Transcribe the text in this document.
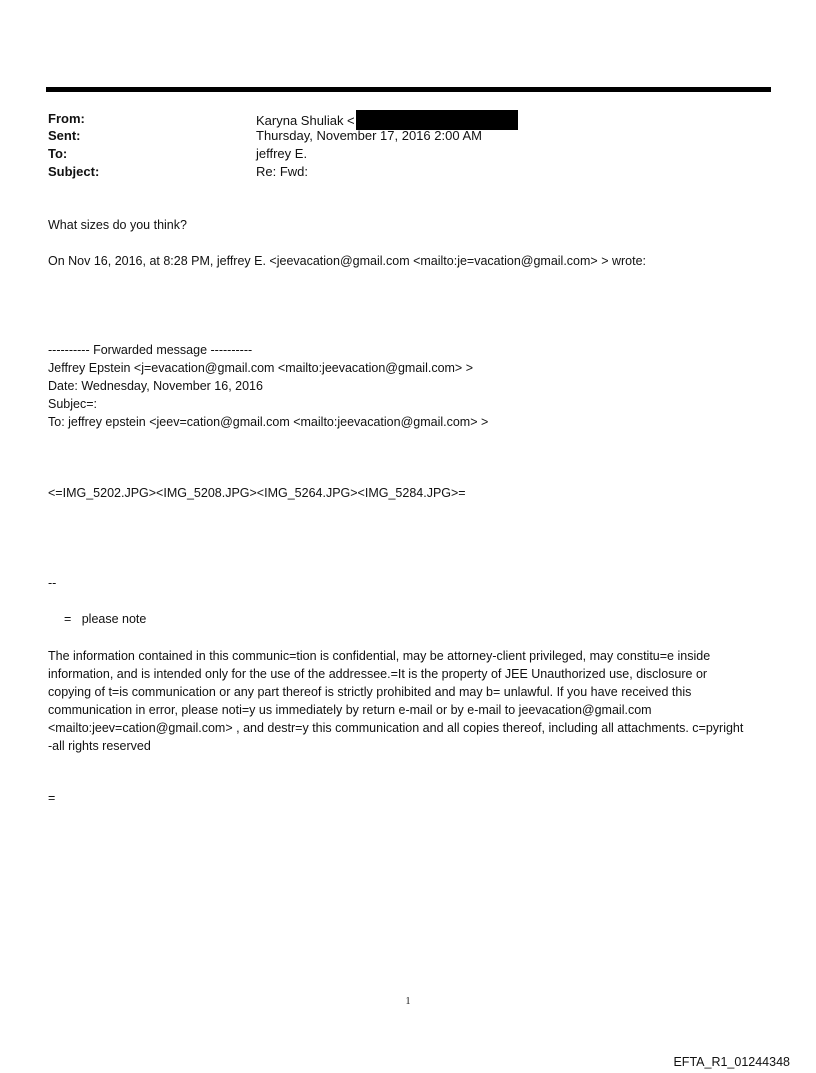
From:	Karyna Shuliak <
Sent:	Thursday, November 17, 2016 2:00 AM
To:	jeffrey E.
Subject:	Re: Fwd:
What sizes do you think?
On Nov 16, 2016, at 8:28 PM, jeffrey E. <jeevacation@gmail.com <mailto:je=vacation@gmail.com> > wrote:
---------- Forwarded message ----------
Jeffrey Epstein <j=evacation@gmail.com <mailto:jeevacation@gmail.com> >
Date: Wednesday, November 16, 2016
Subjec=:
To: jeffrey epstein <jeev=cation@gmail.com <mailto:jeevacation@gmail.com> >
<=IMG_5202.JPG><IMG_5208.JPG><IMG_5264.JPG><IMG_5284.JPG>=
--
=   please note
The information contained in this communic=tion is confidential, may be attorney-client privileged, may constitu=e inside information, and is intended only for the use of the addressee.=It is the property of JEE Unauthorized use, disclosure or copying of t=is communication or any part thereof is strictly prohibited and may b= unlawful. If you have received this communication in error, please noti=y us immediately by return e-mail or by e-mail to jeevacation@gmail.com <mailto:jeev=cation@gmail.com> , and destr=y this communication and all copies thereof, including all attachments. c=pyright -all rights reserved
=
1
EFTA_R1_01244348
